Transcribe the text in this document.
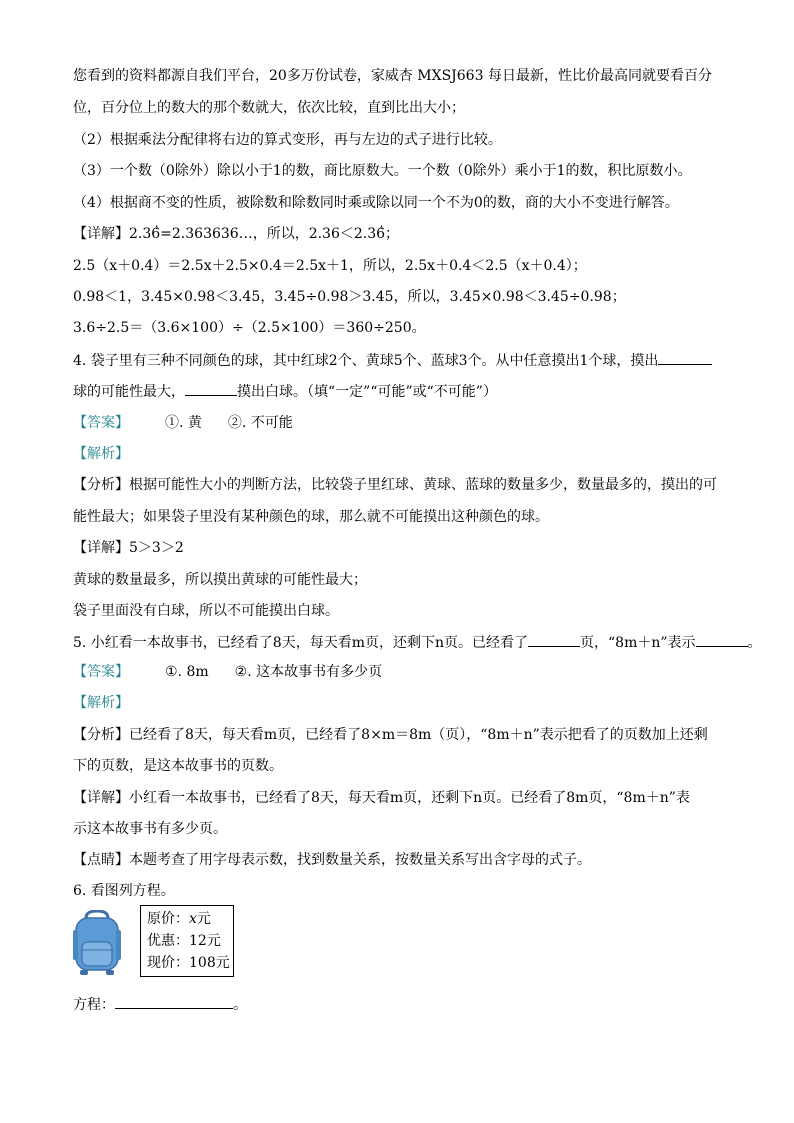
您看到的资料都源自我们平台，20多万份试卷，家威杏 MXSJ663 每日最新，性比价最高同就要看百分
位，百分位上的数大的那个数就大，依次比较，直到比出大小；
（2）根据乘法分配律将右边的算式变形，再与左边的式子进行比较。
（3）一个数（0除外）除以小于1的数，商比原数大。一个数（0除外）乘小于1的数，积比原数小。
（4）根据商不变的性质，被除数和除数同时乘或除以同一个不为0的数，商的大小不变进行解答。
【详解】2.36̇̇=2.363636…，所以，2.36＜2.36̇̇；
2.5（x＋0.4）＝2.5x＋2.5×0.4＝2.5x＋1，所以，2.5x＋0.4＜2.5（x＋0.4）；
0.98＜1，3.45×0.98＜3.45，3.45÷0.98＞3.45，所以，3.45×0.98＜3.45÷0.98；
3.6÷2.5＝（3.6×100）÷（2.5×100）＝360÷250。
4. 袋子里有三种不同颜色的球，其中红球2个、黄球5个、蓝球3个。从中任意摸出1个球，摸出
球的可能性最大，	摸出白球。（填“一定”“可能”或“不可能”）
【答案】	①. 黄 ②. 不可能
【解析】
【分析】根据可能性大小的判断方法，比较袋子里红球、黄球、蓝球的数量多少，数量最多的，摸出的可
能性最大；如果袋子里没有某种颜色的球，那么就不可能摸出这种颜色的球。
【详解】5＞3＞2
黄球的数量最多，所以摸出黄球的可能性最大；
袋子里面没有白球，所以不可能摸出白球。
5. 小红看一本故事书，已经看了8天，每天看m页，还剩下n页。已经看了	页，“8m＋n”表示	。
【答案】	①. 8m ②. 这本故事书有多少页
【解析】
【分析】已经看了8天，每天看m页，已经看了8×m＝8m（页），“8m＋n”表示把看了的页数加上还剩
下的页数，是这本故事书的页数。
【详解】小红看一本故事书，已经看了8天，每天看m页，还剩下n页。已经看了8m页，“8m＋n”表
示这本故事书有多少页。
【点睛】本题考查了用字母表示数，找到数量关系，按数量关系写出含字母的式子。
6. 看图列方程。
原价：x元
优惠：12元
现价：108元
方程：	。
